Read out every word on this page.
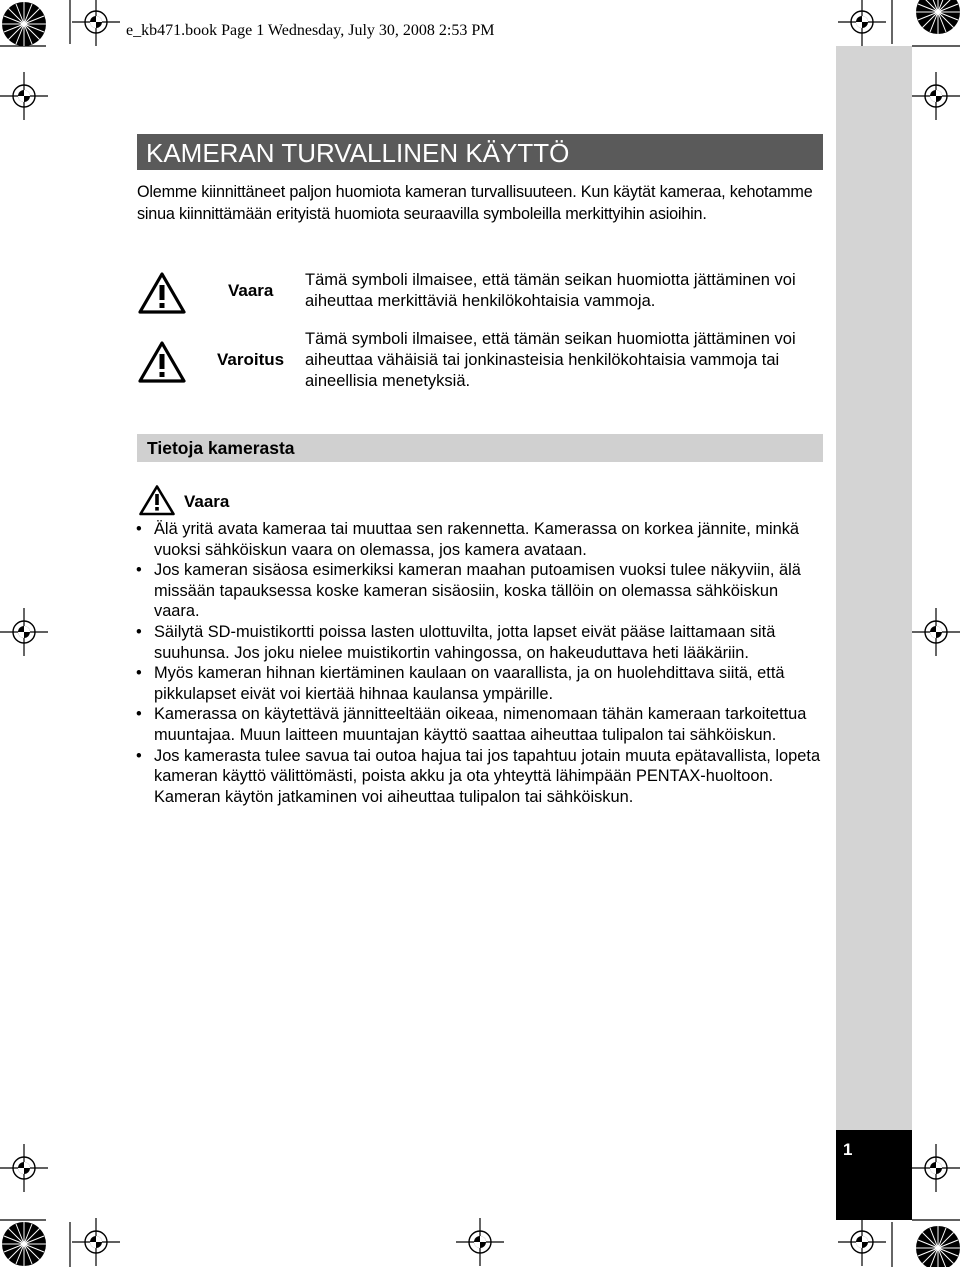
e_kb471.book Page 1 Wednesday, July 30, 2008 2:53 PM
1
KAMERAN TURVALLINEN KÄYTTÖ
Olemme kiinnittäneet paljon huomiota kameran turvallisuuteen. Kun käytät kameraa, kehotamme sinua kiinnittämään erityistä huomiota seuraavilla symboleilla merkittyihin asioihin.
Vaara
Tämä symboli ilmaisee, että tämän seikan huomiotta jättäminen voi aiheuttaa merkittäviä henkilökohtaisia vammoja.
Varoitus
Tämä symboli ilmaisee, että tämän seikan huomiotta jättäminen voi aiheuttaa vähäisiä tai jonkinasteisia henkilökohtaisia vammoja tai aineellisia menetyksiä.
Tietoja kamerasta
Vaara
• Älä yritä avata kameraa tai muuttaa sen rakennetta. Kamerassa on korkea jännite, minkä vuoksi sähköiskun vaara on olemassa, jos kamera avataan.
• Jos kameran sisäosa esimerkiksi kameran maahan putoamisen vuoksi tulee näkyviin, älä missään tapauksessa koske kameran sisäosiin, koska tällöin on olemassa sähköiskun vaara.
• Säilytä SD-muistikortti poissa lasten ulottuvilta, jotta lapset eivät pääse laittamaan sitä suuhunsa. Jos joku nielee muistikortin vahingossa, on hakeuduttava heti lääkäriin.
• Myös kameran hihnan kiertäminen kaulaan on vaarallista, ja on huolehdittava siitä, että pikkulapset eivät voi kiertää hihnaa kaulansa ympärille.
• Kamerassa on käytettävä jännitteeltään oikeaa, nimenomaan tähän kameraan tarkoitettua muuntajaa. Muun laitteen muuntajan käyttö saattaa aiheuttaa tulipalon tai sähköiskun.
• Jos kamerasta tulee savua tai outoa hajua tai jos tapahtuu jotain muuta epätavallista, lopeta kameran käyttö välittömästi, poista akku ja ota yhteyttä lähimpään PENTAX-huoltoon. Kameran käytön jatkaminen voi aiheuttaa tulipalon tai sähköiskun.
